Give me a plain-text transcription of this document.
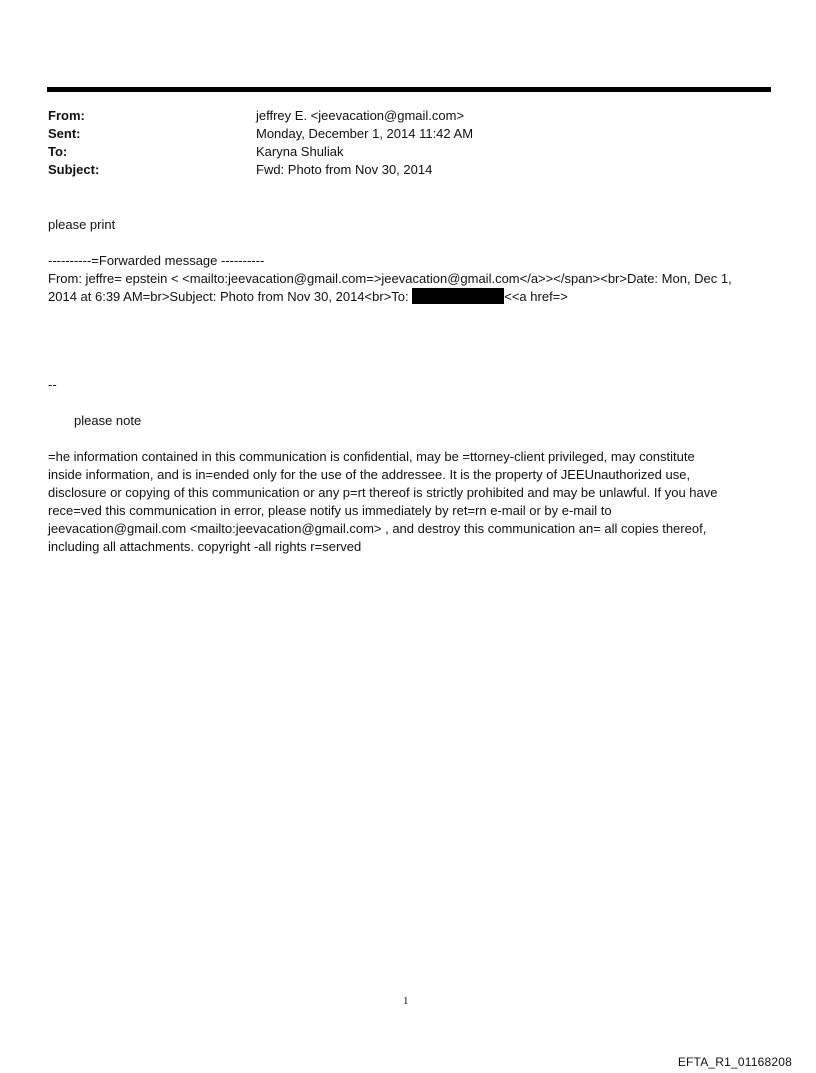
From:	jeffrey E. <jeevacation@gmail.com>
Sent:	Monday, December 1, 2014 11:42 AM
To:	Karyna Shuliak
Subject:	Fwd: Photo from Nov 30, 2014
please print
----------=Forwarded message ----------
From: jeffre= epstein < <mailto:jeevacation@gmail.com=>jeevacation@gmail.com</a>></span><br>Date: Mon, Dec 1,
2014 at 6:39 AM=br>Subject: Photo from Nov 30, 2014<br>To:	<<a href=>
--
please note
=he information contained in this communication is confidential, may be =ttorney-client privileged, may constitute
inside information, and is in=ended only for the use of the addressee. It is the property of JEEUnauthorized use,
disclosure or copying of this communication or any p=rt thereof is strictly prohibited and may be unlawful. If you have
rece=ved this communication in error, please notify us immediately by ret=rn e-mail or by e-mail to
jeevacation@gmail.com <mailto:jeevacation@gmail.com> , and destroy this communication an= all copies thereof,
including all attachments. copyright -all rights r=served
1
EFTA_R1_01168208
